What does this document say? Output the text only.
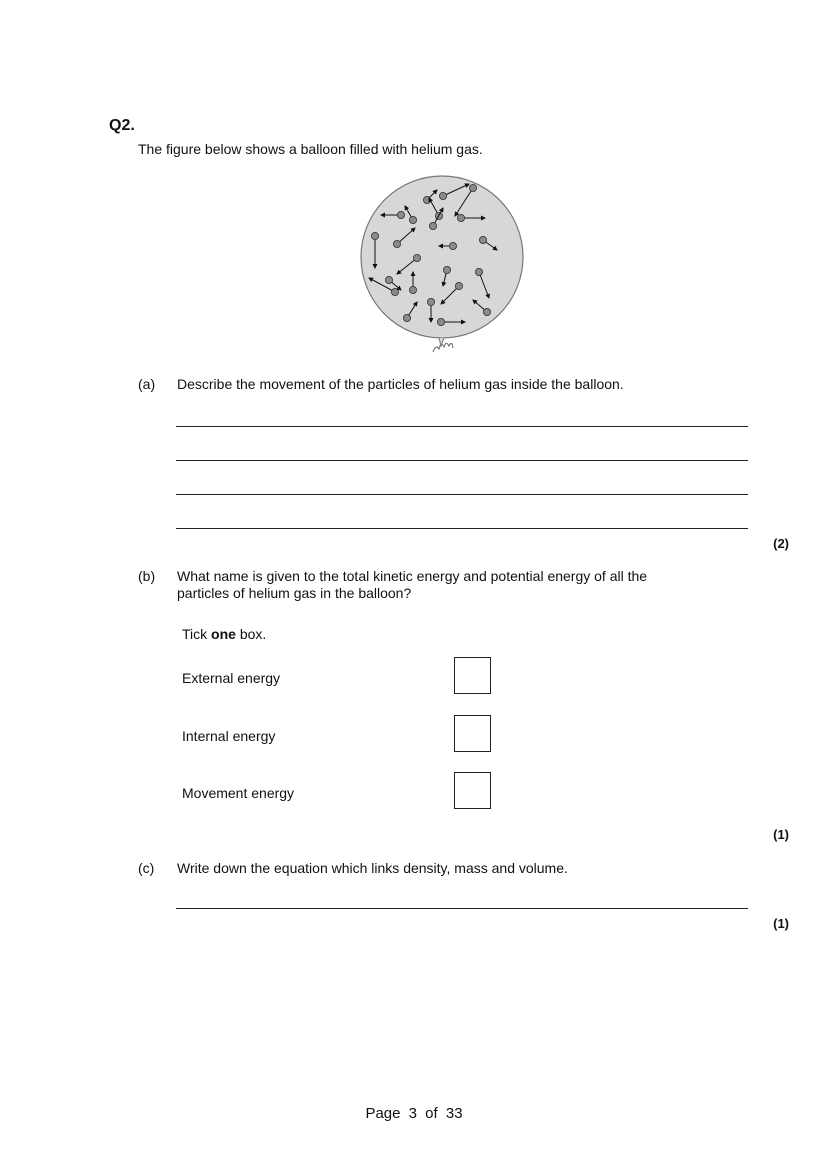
Q2.
The figure below shows a balloon filled with helium gas.
(a) Describe the movement of the particles of helium gas inside the balloon.
(2)
(b) What name is given to the total kinetic energy and potential energy of all the
particles of helium gas in the balloon?
Tick one box.
External energy
Internal energy
Movement energy
(1)
(c) Write down the equation which links density, mass and volume.
(1)
Page 3 of 33
